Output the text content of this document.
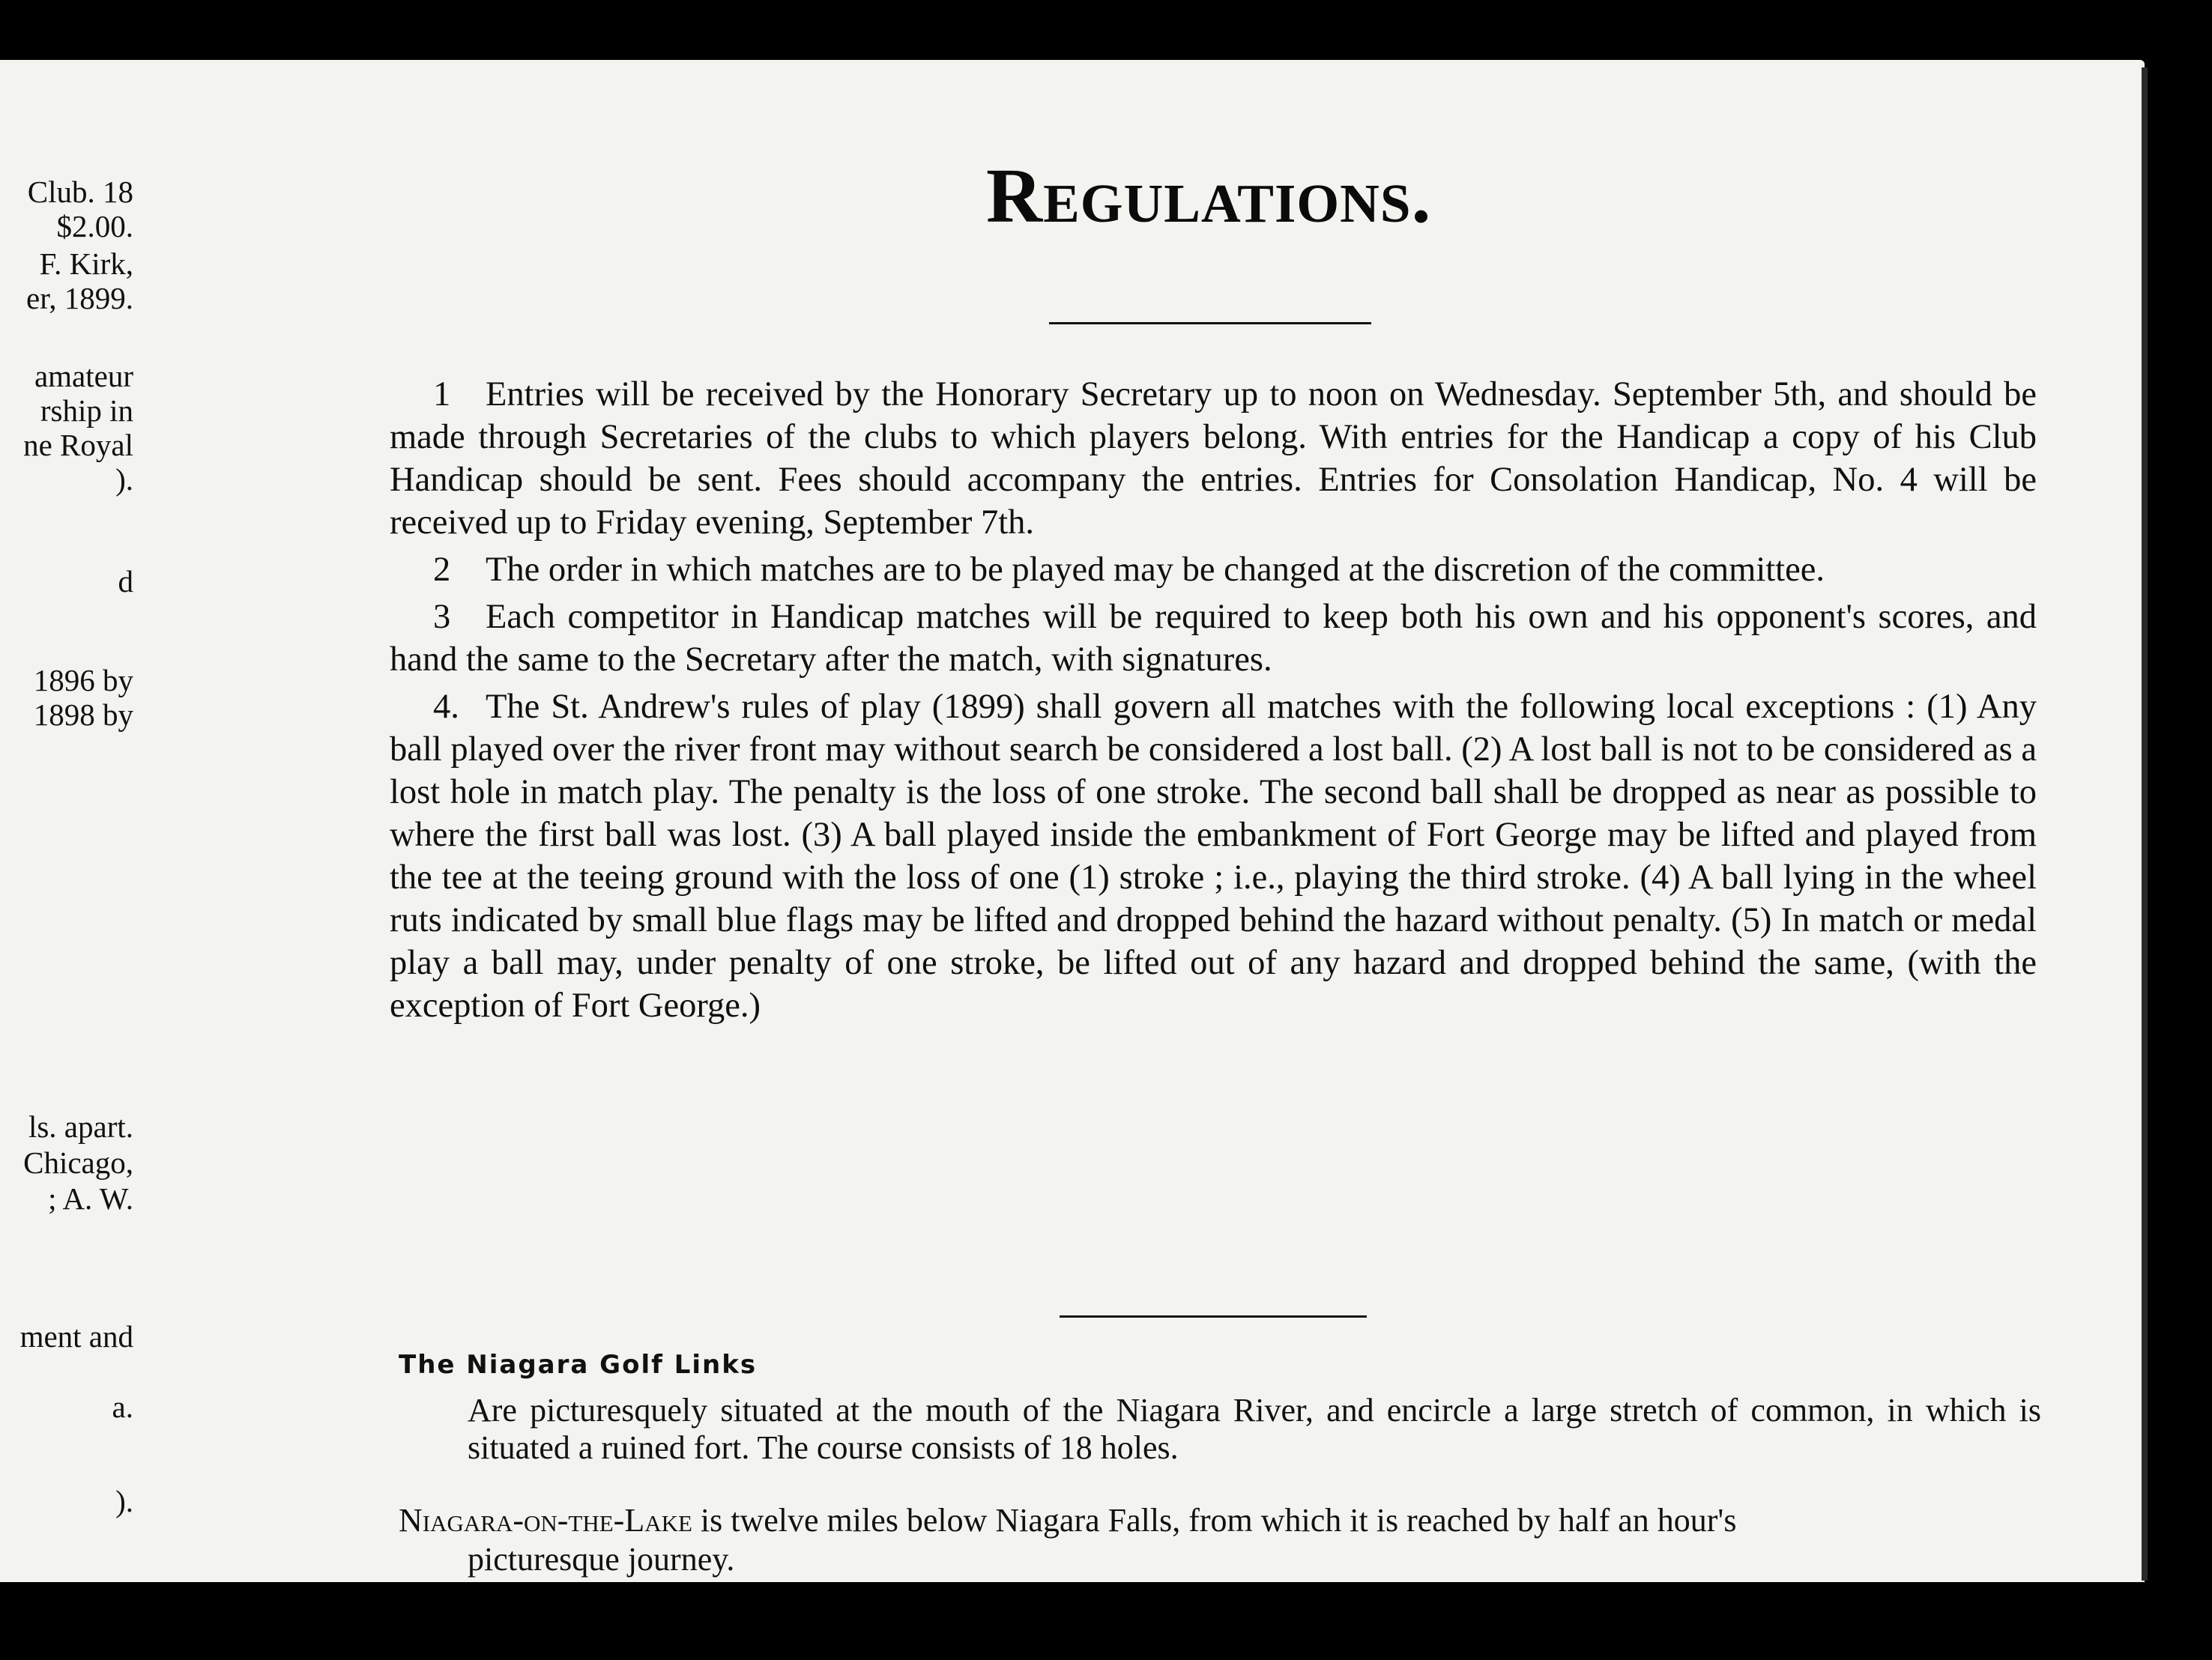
Club. 18
$2.00.
F. Kirk,
er, 1899.
amateur
rship in
ne Royal
).
d
1896 by
1898 by
ls. apart.
Chicago,
; A. W.
ment and
a.
).
Regulations.
1 Entries will be received by the Honorary Secretary up to noon on Wednesday. September 5th, and should be made through Secretaries of the clubs to which players belong. With entries for the Handicap a copy of his Club Handicap should be sent. Fees should accompany the entries. Entries for Consolation Handicap, No. 4 will be received up to Friday evening, September 7th.
2 The order in which matches are to be played may be changed at the discretion of the committee.
3 Each competitor in Handicap matches will be required to keep both his own and his opponent's scores, and hand the same to the Secretary after the match, with signatures.
4. The St. Andrew's rules of play (1899) shall govern all matches with the following local exceptions : (1) Any ball played over the river front may without search be considered a lost ball. (2) A lost ball is not to be considered as a lost hole in match play. The penalty is the loss of one stroke. The second ball shall be dropped as near as possible to where the first ball was lost. (3) A ball played inside the embankment of Fort George may be lifted and played from the tee at the teeing ground with the loss of one (1) stroke ; i.e., playing the third stroke. (4) A ball lying in the wheel ruts indicated by small blue flags may be lifted and dropped behind the hazard without penalty. (5) In match or medal play a ball may, under penalty of one stroke, be lifted out of any hazard and dropped behind the same, (with the exception of Fort George.)
The Niagara Golf Links

Are picturesquely situated at the mouth of the Niagara River, and encircle a large stretch of common, in which is situated a ruined fort. The course consists of 18 holes.

Niagara-on-the-Lake is twelve miles below Niagara Falls, from which it is reached by half an hour's
picturesque journey.
